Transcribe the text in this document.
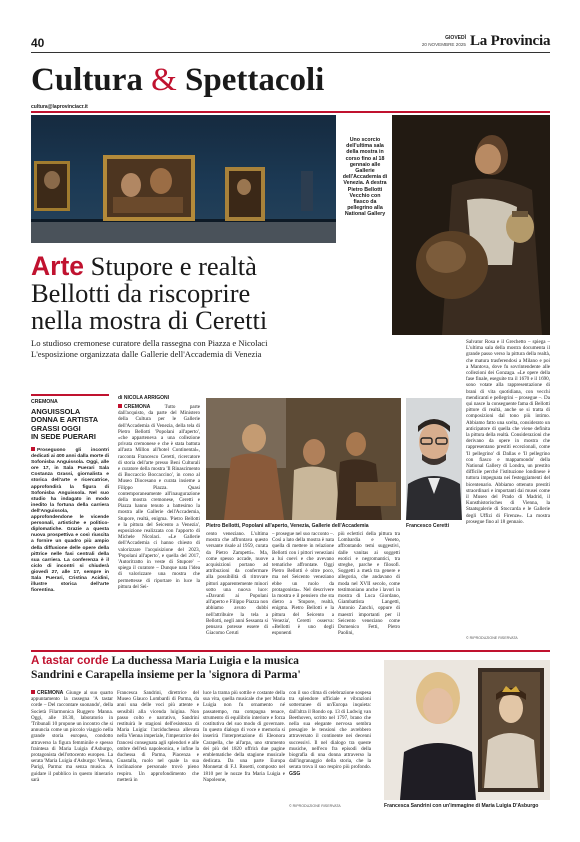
40	GIOVEDÌ
20 NOVEMBRE 2025 La Provincia
Cultura & Spettacoli
cultura@laprovinciacr.it
Uno scorcio dell'ultima sala della mostra in corso fino al 18 gennaio alle Gallerie dell'Accademia di Venezia. A destra Pietro Bellotti Vecchio con fiasco da pellegrino alla National Gallery
Arte Stupore e realtà
Bellotti da riscoprire
nella mostra di Ceretti
Lo studioso cremonese curatore della rassegna con Piazza e Nicolaci
L'esposizione organizzata dalle Gallerie dell'Accademia di Venezia
CREMONA
ANGUISSOLA
DONNA E ARTISTA
GRASSI OGGI
IN SEDE PUERARI
Proseguono gli incontri dedicati ai 400 anni dalla morte di Sofonisba Anguissola. Oggi, alle ore 17, in Sala Puerari Sala Costanza Grassi, giornalista e storica dell'arte e ricercatrice, approfondirà la figura di Sofonisba Anguissola. Nel suo studio ha indagato in modo inedito la fortuna della carriera dell'Anguissola, approfondendone le vicende personali, artistiche e politico-diplomatiche. Grazie a questa nuova prospettiva e così riuscita a fornire un quadro più ampio della diffusione delle opere della pittrice nelle fasi centrali della sua carriera. La conferenza è il ciclo di incontri si chiuderà giovedì 27, alle 17, sempre in Sala Puerari, Cristina Acidini, illustre storica dell'arte fiorentina.
di NICOLA ARRIGONI
CREMONA Tutto parte dall'acquisto, da parte del Ministero della Cultura per le Gallerie dell'Accademia di Venezia, della tela di Pietro Bellotti 'Popolani all'aperto', «che apparteneva a una collezione privata cremonese e che è stata battuta all'asta Millon all'hotel Continental», racconta Francesco Ceretti, ricercatore di storia dell'arte presso Beni Culturali e curatore della mostra 'Il Rinascimento di Boccaccio Boccaccino', in corso al Museo Diocesano e curata insieme a Filippo Piazza. Quasi contemporaneamente all'inaugurazione della mostra cremonese, Ceretti e Piazza hanno tenuto a battesimo la mostra alle Gallerie dell'Accademia, Stupore, realtà, enigma. 'Pietro Bellotti e la pittura del Seicento a Venezia', esposizione realizzata con l'apporto di Michele Nicolaci. «Le Gallerie dell'Accademia ci hanno chiesto di valorizzare l'acquisizione del 2023, 'Popolani all'aperto', e quella del 2017, 'Autoritratto in veste di Stupore' – spiega il curatore – Dunque nata l'idea di valorizzare una mostra che permettesse di riportare in luce la pittura del Sei-
Pietro Bellotti, Popolani all'aperto, Venezia, Gallerie dell'Accademia	Francesco Ceretti
cento veneziano. L'ultima mostra che affrontava questo versante risale al 1959, curata da Pietro Zampetti». Ma, come spesso accade, nuove acquisizioni portano ad attribuzioni da confermare alla possibilità di ritrovare pittori apparentemente minori sotto una nuova luce: «Davanti ai Popolani all'aperto e Filippo Piazza non abbiamo avuto dubbi nell'attribuire la tela a Bellotti, negli anni Sessanta si pensava potesse essere di Giacomo Ceruti
– prosegue nel suo racconto –. Così a lato della mostra è nata quella di mettere in relazione Bellotti con i pittori veneziani a lui coevi e che avevano tematiche affrontate. Oggi Pietro Bellotti è oltre poco, ma nel Seicento veneziano ebbe un ruolo da protagonista». Nel descrivere la mostra e il pensiero che sta dietro a 'Stupore, realtà, enigma. Pietro Bellotti e la pittura del Seicento a Venezia', Ceretti osserva: «Bellotti è uno degli esponenti
più eclettici della pittura tra Lombardia e Veneto, affrontando temi suggestivi, dalle vanitas ai soggetti esotici e negromantici, tra streghe, parche e filosofi. Soggetti a metà tra genere e allegoria, che andavano di moda nel XVII secolo, come testimoniano anche i lavori in mostra di Luca Giordano, Giambattista Langetti, Antonio Zanchi, oppure di maestri importanti per il Seicento veneziano come Domenico Fetti, Pietro Paolini,
Salvator Rosa e il Grechetto – spiega – L'ultima sala della mostra documenta il grande passo verso la pittura della realtà, che matura trasferendosi a Milano e poi a Mantova, dove fu sovrintendente alle collezioni dei Gonzaga. «Le opere della fase finale, eseguite tra il 1670 e il 1690, sono votate alla rappresentazione di brani di vita quotidiana, con vecchi mendicanti e pellegrini – prosegue –. Da qui nasce la conseguente fama di Bellotti pittore di realtà, anche se si tratta di composizioni dal tono più intimo. Abbiamo fatto una scelta, considerato un anticipatore di quella che viene definita la pittura della realtà. Considerazioni che derivano da opere in mostra che rappresentano prestiti eccezionali, come 'Il pellegrino' di Dallas e 'Il pellegrino con fiasco e mappamondo' della National Gallery di Londra, un prestito difficile perché l'istituzione londinese è tuttora impegnata nei festeggiamenti del bicentenario. Abbiamo ottenuto prestiti straordinari e importanti dai musei come il Museo del Prado di Madrid, il Kunsthistorisches di Vienna, la Staatsgalerie di Stoccarda e le Gallerie degli Uffizi di Firenze». La mostra prosegue fino al 18 gennaio.
© RIPRODUZIONE RISERVATA
A tastar corde La duchessa Maria Luigia e la musica
Sandrini e Carapella insieme per la 'signora di Parma'
CREMONA Giunge al suo quarto appuntamento la rassegna 'A tastar corde – Del raccontare suonando', della Società Filarmonica Ruggero Manna. Oggi, alle 18.30, laboratorio in 'Tribunali 10 propone un incontro che si annuncia come un piccolo viaggio nella grande storia europea, condotto attraverso la figura femminile e spesso fraintesa di Maria Luigia d'Asburgo, protagonista dell'ottocento europeo. La serata 'Maria Luigia d'Asburgo: Vienna, Parigi, Parma: ma senza musica. A guidare il pubblico in questo itinerario sarà
Francesca Sandrini, direttrice del Museo Glauco Lombardi di Parma, da anni una delle voci più attente e sensibili alla vicenda luigina. Non passo colto e narrativo, Sandrini restituirà le stagioni dell'esistenza di Maria Luigia: l'arciduchessa allevata nella Vienna imperiale, l'imperatrice dei francesi consegnata agli splendori e alle ombre dell'età napoleonica, e infine la duchessa di Parma, Piacenza e Guastalla, ruolo nel quale la sua inclinazione personale trovò pieno respiro. Un approfondimento che metterà in
luce la trama più sottile e costante della sua vita, quella musicale che per Maria Luigia non fu ornamento né passatempo, ma compagna tenace, strumento di equilibrio interiore e forza costitutiva del suo modo di governare. In questo dialogo di voce e memoria si inserirà l'interpretazione di Eleonora Carapella, che all'arpa, uno strumento dei più del 1820 offrirà due pagine emblematiche della stagione musicale dedicata. Da una parte Europa Monnetat di F.J. Rosetti, composto nel 1810 per le nozze fra Maria Luigia e Napoleone,
con il suo clima di celebrazione sospesa tra splendore ufficiale e vibrazioni sotterranee di un'Europa inquieta: dall'altra il Rondo op. 13 di Ludwig van Beethoven, scritto nel 1797, brano che nella sua elegante nervosa sembra presagire le tensioni che avrebbero attraversato il continente nei decenni successivi. Il nel dialogo tra queste musiche, nell'eco fra episodi della biografia di una donna attraverso la dall'ingranaggio della storia, che la serata trova il suo respiro più profondo. GSG
© RIPRODUZIONE RISERVATA	Francesca Sandrini con un'immagine di Maria Luigia D'Asburgo
